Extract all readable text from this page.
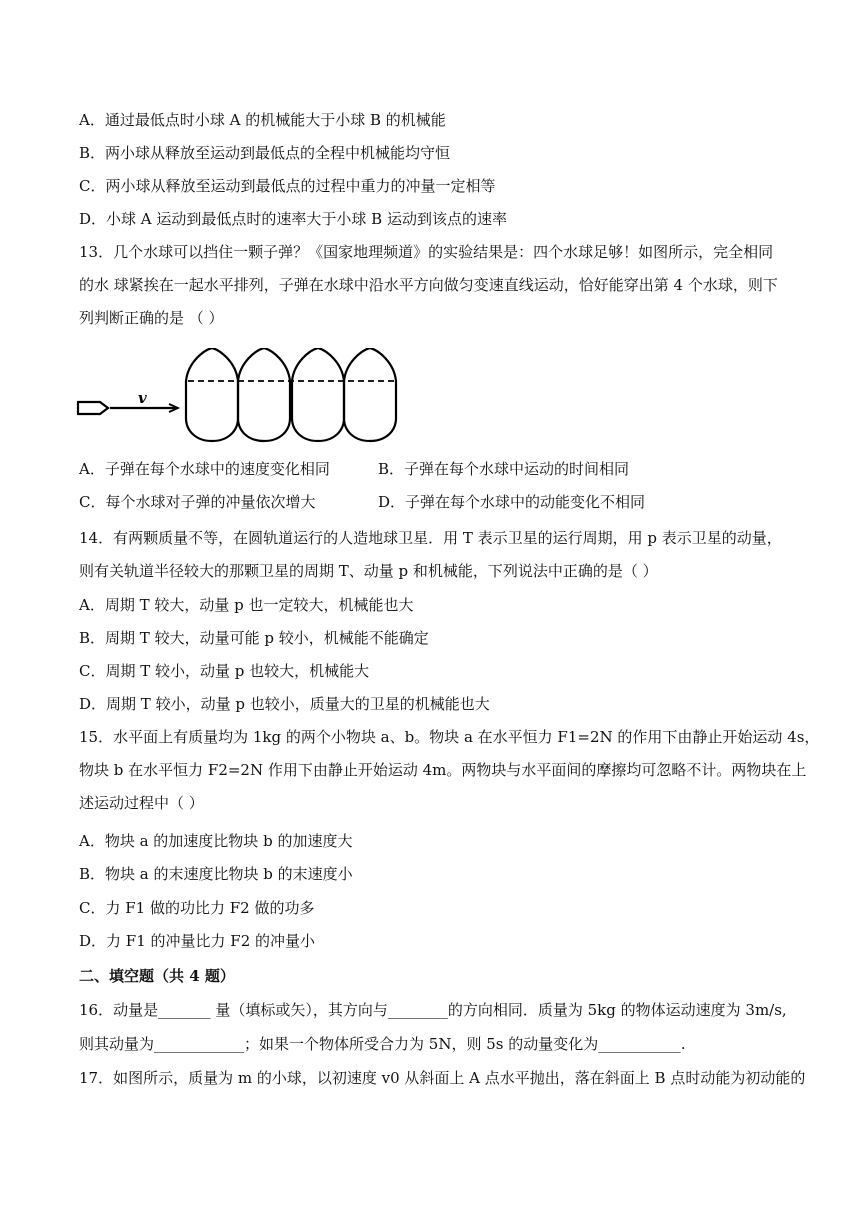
A．通过最低点时小球 A 的机械能大于小球 B 的机械能
B．两小球从释放至运动到最低点的全程中机械能均守恒
C．两小球从释放至运动到最低点的过程中重力的冲量一定相等
D．小球 A 运动到最低点时的速率大于小球 B 运动到该点的速率
13．几个水球可以挡住一颗子弹？《国家地理频道》的实验结果是：四个水球足够！如图所示，完全相同
的水 球紧挨在一起水平排列，子弹在水球中沿水平方向做匀变速直线运动，恰好能穿出第 4 个水球，则下
列判断正确的是 （ ）
v
A．子弹在每个水球中的速度变化相同	B．子弹在每个水球中运动的时间相同
C．每个水球对子弹的冲量依次增大	D．子弹在每个水球中的动能变化不相同
14．有两颗质量不等，在圆轨道运行的人造地球卫星．用 T 表示卫星的运行周期，用 p 表示卫星的动量，
则有关轨道半径较大的那颗卫星的周期 T、动量 p 和机械能，下列说法中正确的是（ ）
A．周期 T 较大，动量 p 也一定较大，机械能也大
B．周期 T 较大，动量可能 p 较小，机械能不能确定
C．周期 T 较小，动量 p 也较大，机械能大
D．周期 T 较小，动量 p 也较小，质量大的卫星的机械能也大
15．水平面上有质量均为 1kg 的两个小物块 a、b。物块 a 在水平恒力 F1=2N 的作用下由静止开始运动 4s，
物块 b 在水平恒力 F2=2N 作用下由静止开始运动 4m。两物块与水平面间的摩擦均可忽略不计。两物块在上
述运动过程中（ ）
A．物块 a 的加速度比物块 b 的加速度大
B．物块 a 的末速度比物块 b 的末速度小
C．力 F1 做的功比力 F2 做的功多
D．力 F1 的冲量比力 F2 的冲量小
二、填空题（共 4 题）
16．动量是_______ 量（填标或矢），其方向与________的方向相同．质量为 5kg 的物体运动速度为 3m/s,
则其动量为____________；如果一个物体所受合力为 5N，则 5s 的动量变化为___________.
17．如图所示，质量为 m 的小球，以初速度 v0 从斜面上 A 点水平抛出，落在斜面上 B 点时动能为初动能的
